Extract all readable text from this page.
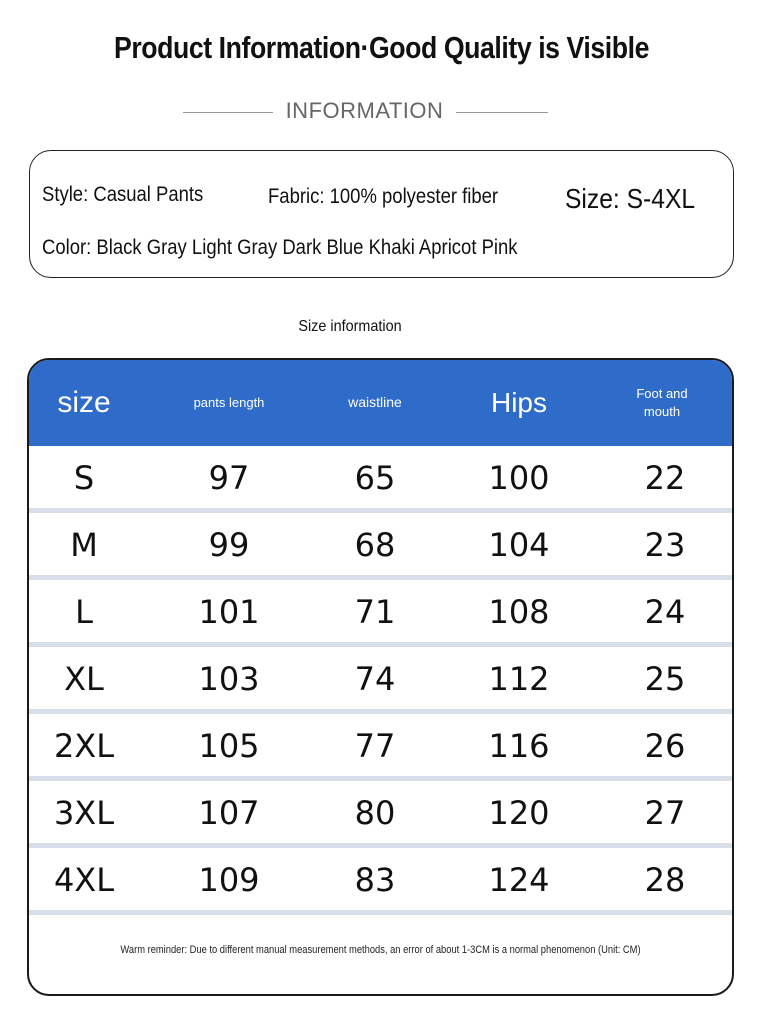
Product Information·Good Quality is Visible
INFORMATION
Style: Casual Pants	Fabric: 100% polyester fiber Size: S-4XL
Color: Black Gray Light Gray Dark Blue Khaki Apricot Pink
Size information
size	pants length	waistline	Hips	Foot and mouth
S	97	65	100	22
M	99	68	104	23
L	101	71	108	24
XL	103	74	112	25
2XL	105	77	116	26
3XL	107	80	120	27
4XL	109	83	124	28
Warm reminder: Due to different manual measurement methods, an error of about 1-3CM is a normal phenomenon (Unit: CM)
